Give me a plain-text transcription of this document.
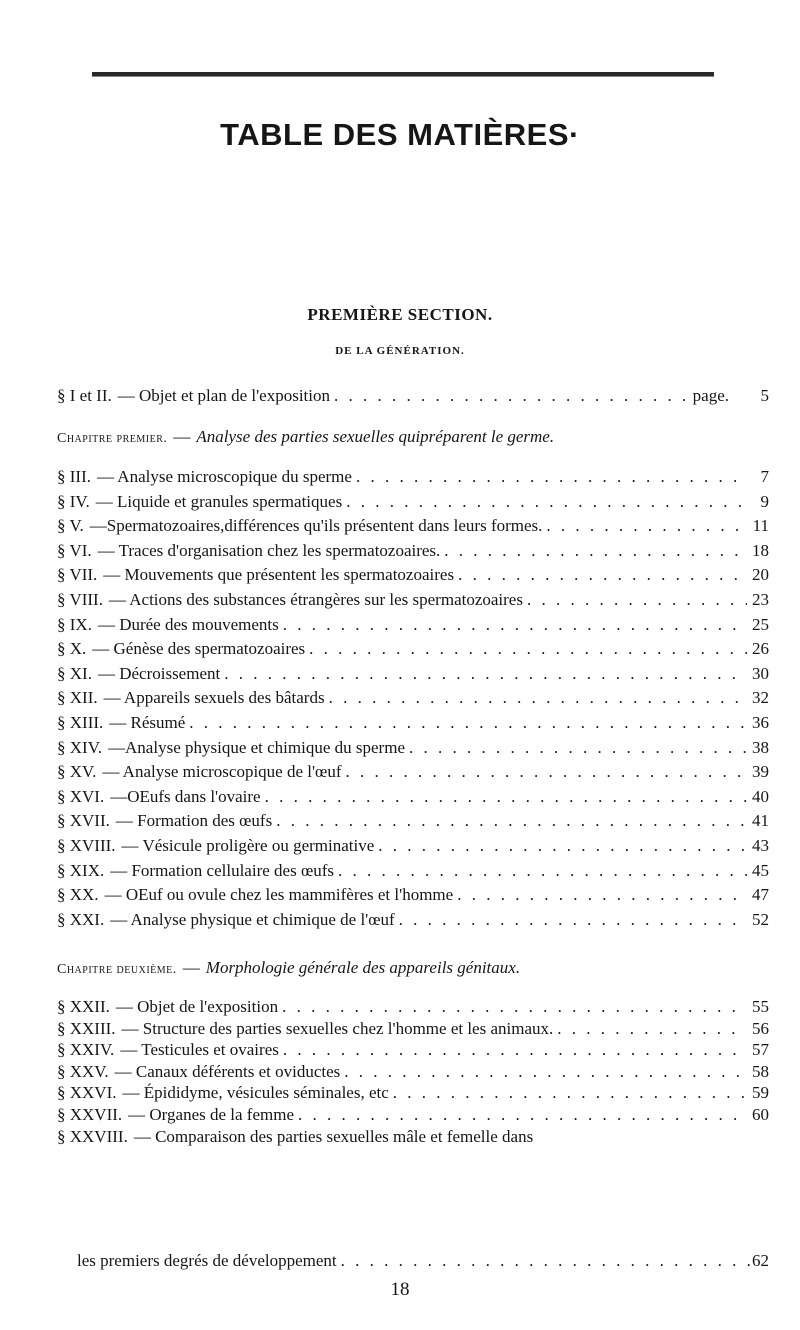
TABLE DES MATIÈRES·
PREMIÈRE SECTION.
DE LA GÉNÉRATION.
§ I et II. — Objet et plan de l'exposition . . .	page.	5
Chapitre premier. — Analyse des parties sexuelles quipréparent le germe.
§ III. — Analyse microscopique du sperme . . .	7
§ IV. — Liquide et granules spermatiques . . .	9
§ V. —Spermatozoaires,différences qu'ils présentent dans leurs formes. . . .	11
§ VI. — Traces d'organisation chez les spermatozoaires. . . .	18
§ VII. — Mouvements que présentent les spermatozoaires . . .	20
§ VIII. — Actions des substances étrangères sur les spermatozoaires . . .	23
§ IX. — Durée des mouvements . . .	25
§ X. — Génèse des spermatozoaires . . .	26
§ XI. — Décroissement . . .	30
§ XII. — Appareils sexuels des bâtards . . .	32
§ XIII. — Résumé . . .	36
§ XIV. —Analyse physique et chimique du sperme . . .	38
§ XV. — Analyse microscopique de l'œuf . . .	39
§ XVI. —OEufs dans l'ovaire . . .	40
§ XVII. — Formation des œufs . . .	41
§ XVIII. — Vésicule proligère ou germinative . . .	43
§ XIX. — Formation cellulaire des œufs . . .	45
§ XX. — OEuf ou ovule chez les mammifères et l'homme . . .	47
§ XXI. — Analyse physique et chimique de l'œuf . . .	52
Chapitre deuxième. — Morphologie générale des appareils génitaux.
§ XXII. — Objet de l'exposition . . .	55
§ XXIII. — Structure des parties sexuelles chez l'homme et les animaux. . . .	56
§ XXIV. — Testicules et ovaires . . .	57
§ XXV. — Canaux déférents et oviductes . . .	58
§ XXVI. — Épididyme, vésicules séminales, etc . . .	59
§ XXVII. — Organes de la femme . . .	60
§ XXVIII. — Comparaison des parties sexuelles mâle et femelle dans
les premiers degrés de développement . . .	62
18
